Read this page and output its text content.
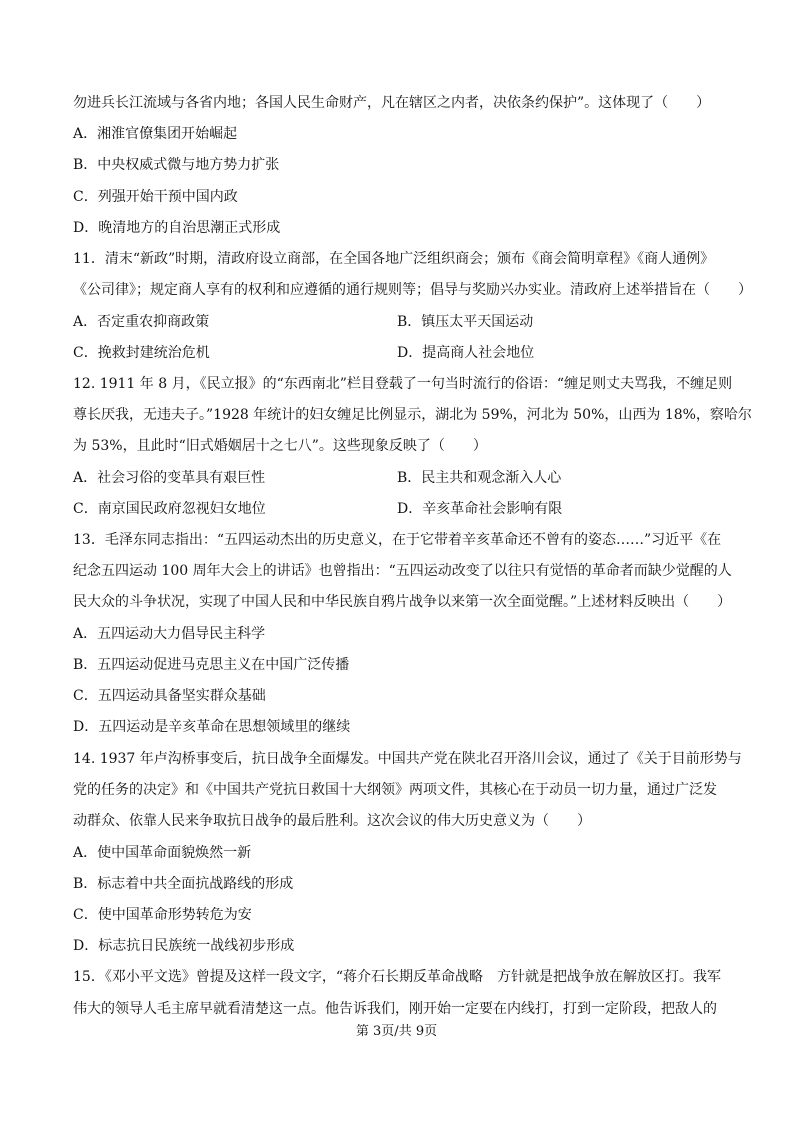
勿进兵长江流域与各省内地；各国人民生命财产，凡在辖区之内者，决依条约保护”。这体现了（　　）
A．湘淮官僚集团开始崛起
B．中央权威式微与地方势力扩张
C．列强开始干预中国内政
D．晚清地方的自治思潮正式形成
11．清末“新政”时期，清政府设立商部，在全国各地广泛组织商会；颁布《商会简明章程》《商人通例》
《公司律》；规定商人享有的权利和应遵循的通行规则等；倡导与奖励兴办实业。清政府上述举措旨在（　　）
A．否定重农抑商政策	B．镇压太平天国运动
C．挽救封建统治危机	D．提高商人社会地位
12. 1911 年 8 月，《民立报》的“东西南北”栏目登载了一句当时流行的俗语：“缠足则丈夫骂我，不缠足则
尊长厌我，无违夫子。”1928 年统计的妇女缠足比例显示，湖北为 59%，河北为 50%，山西为 18%，察哈尔
为 53%，且此时“旧式婚姻居十之七八”。这些现象反映了（　　）
A．社会习俗的变革具有艰巨性	B．民主共和观念渐入人心
C．南京国民政府忽视妇女地位	D．辛亥革命社会影响有限
13．毛泽东同志指出：“五四运动杰出的历史意义，在于它带着辛亥革命还不曾有的姿态……”习近平《在
纪念五四运动 100 周年大会上的讲话》也曾指出：“五四运动改变了以往只有觉悟的革命者而缺少觉醒的人
民大众的斗争状况，实现了中国人民和中华民族自鸦片战争以来第一次全面觉醒。”上述材料反映出（　　）
A．五四运动大力倡导民主科学
B．五四运动促进马克思主义在中国广泛传播
C．五四运动具备坚实群众基础
D．五四运动是辛亥革命在思想领域里的继续
14. 1937 年卢沟桥事变后，抗日战争全面爆发。中国共产党在陕北召开洛川会议，通过了《关于目前形势与
党的任务的决定》和《中国共产党抗日救国十大纲领》两项文件，其核心在于动员一切力量，通过广泛发
动群众、依靠人民来争取抗日战争的最后胜利。这次会议的伟大历史意义为（　　）
A．使中国革命面貌焕然一新
B．标志着中共全面抗战路线的形成
C．使中国革命形势转危为安
D．标志抗日民族统一战线初步形成
15．《邓小平文选》曾提及这样一段文字，“蒋介石长期反革命战略　方针就是把战争放在解放区打。我军
伟大的领导人毛主席早就看清楚这一点。他告诉我们，刚开始一定要在内线打，打到一定阶段，把敌人的
第 3页/共 9页
